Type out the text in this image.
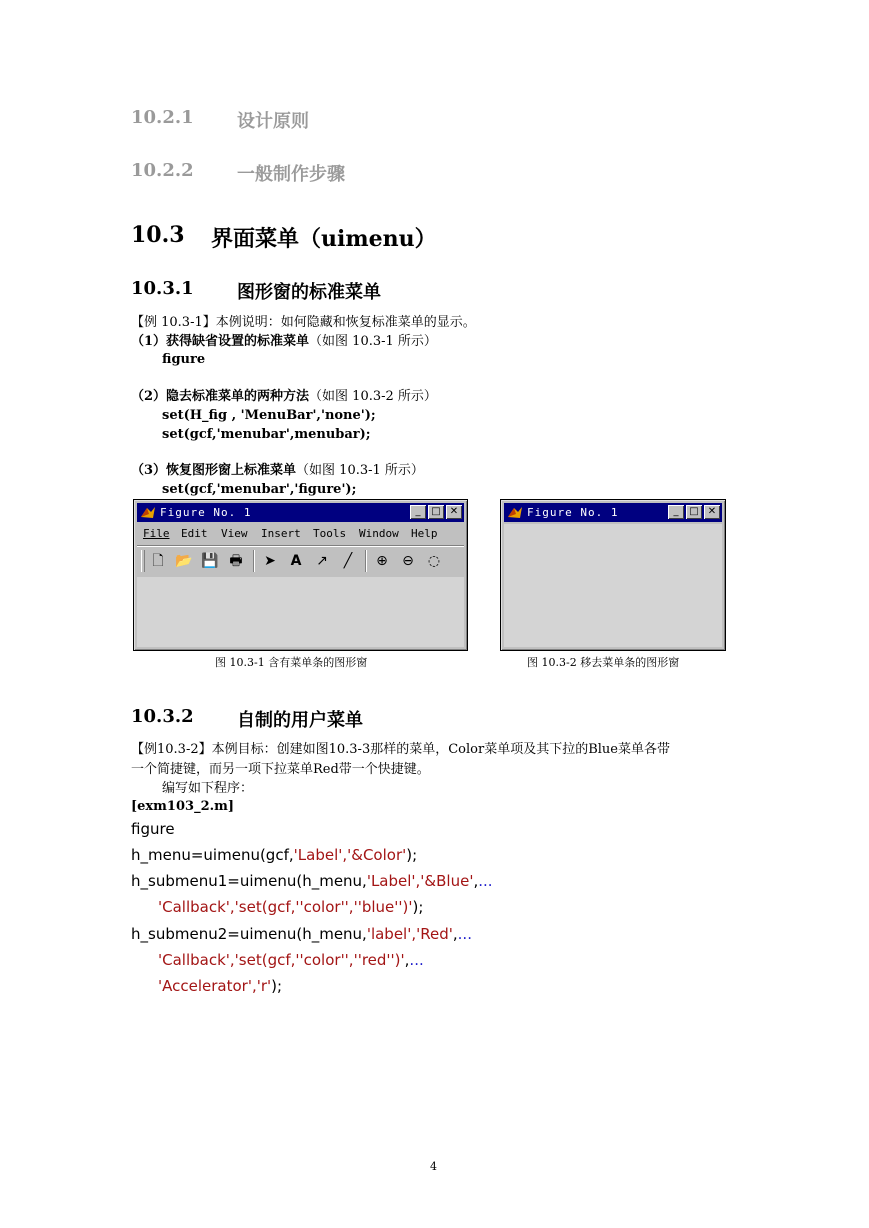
10.2.1 设计原则
10.2.2 一般制作步骤
10.3 界面菜单（uimenu）
10.3.1 图形窗的标准菜单
【例 10.3-1】本例说明：如何隐藏和恢复标准菜单的显示。
（1）获得缺省设置的标准菜单（如图 10.3-1 所示）
figure
（2）隐去标准菜单的两种方法（如图 10.3-2 所示）
set(H_fig , 'MenuBar','none');
set(gcf,'menubar',menubar);
（3）恢复图形窗上标准菜单（如图 10.3-1 所示）
set(gcf,'menubar','figure');
Figure No. 1	_	□ ✕
File Edit View Insert Tools Window Help
🗋 📂 💾 🖶 ➤ A ↗	╱	⊕ ⊖ ◌
Figure No. 1	_	□ ✕
图 10.3-1 含有菜单条的图形窗	图 10.3-2 移去菜单条的图形窗
10.3.2 自制的用户菜单
【例10.3-2】本例目标：创建如图10.3-3那样的菜单，Color菜单项及其下拉的Blue菜单各带
一个简捷键，而另一项下拉菜单Red带一个快捷键。
编写如下程序：
[exm103_2.m]
figure
h_menu=uimenu(gcf,'Label','&Color');
h_submenu1=uimenu(h_menu,'Label','&Blue',...
'Callback','set(gcf,''color'',''blue'')');
h_submenu2=uimenu(h_menu,'label','Red',...
'Callback','set(gcf,''color'',''red'')',...
'Accelerator','r');
4
